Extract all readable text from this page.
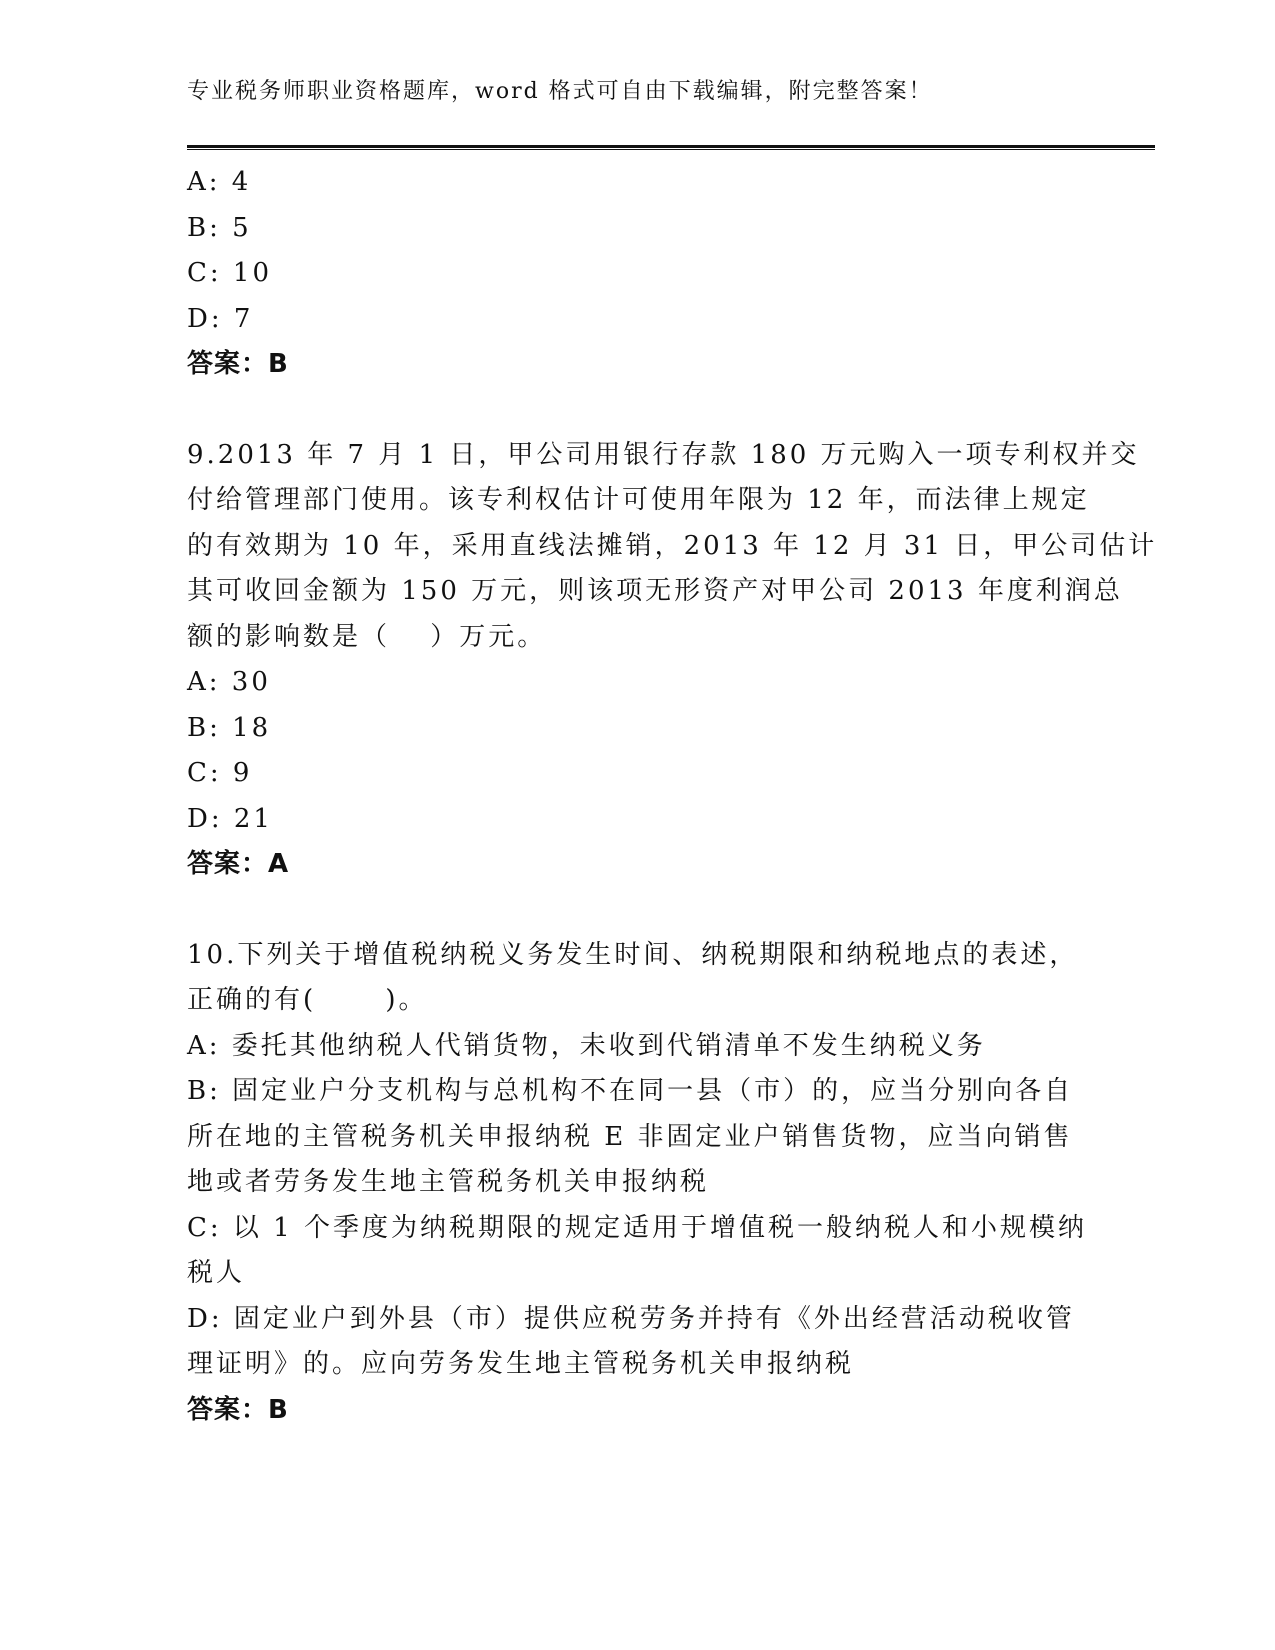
专业税务师职业资格题库，word 格式可自由下载编辑，附完整答案！
A: 4
B: 5
C: 10
D: 7
答案：B
9.2013 年 7 月 1 日，甲公司用银行存款 180 万元购入一项专利权并交
付给管理部门使用。该专利权估计可使用年限为 12 年，而法律上规定
的有效期为 10 年，采用直线法摊销，2013 年 12 月 31 日，甲公司估计
其可收回金额为 150 万元，则该项无形资产对甲公司 2013 年度利润总
额的影响数是（　 ）万元。
A: 30
B: 18
C: 9
D: 21
答案：A
10.下列关于增值税纳税义务发生时间、纳税期限和纳税地点的表述，
正确的有(　 　)。
A: 委托其他纳税人代销货物，未收到代销清单不发生纳税义务
B: 固定业户分支机构与总机构不在同一县（市）的，应当分别向各自
所在地的主管税务机关申报纳税 E 非固定业户销售货物，应当向销售
地或者劳务发生地主管税务机关申报纳税
C: 以 1 个季度为纳税期限的规定适用于增值税一般纳税人和小规模纳
税人
D: 固定业户到外县（市）提供应税劳务并持有《外出经营活动税收管
理证明》的。应向劳务发生地主管税务机关申报纳税
答案：B
